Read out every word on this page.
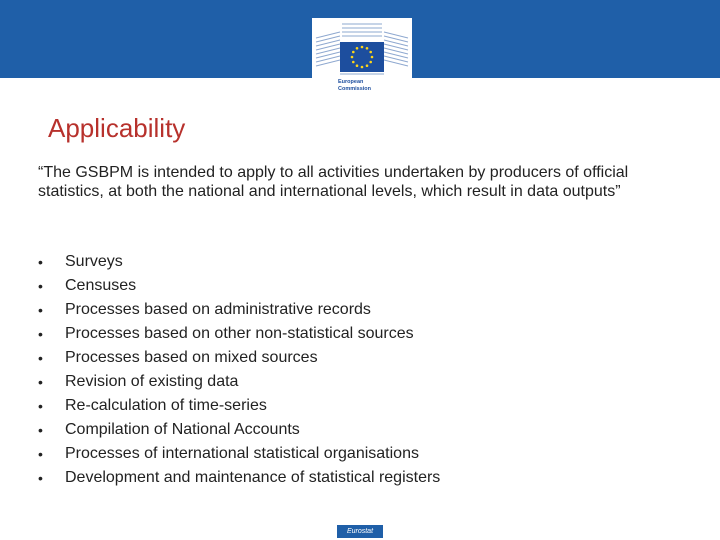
European
Commission
Applicability

“The GSBPM is intended to apply to all activities undertaken by producers of official statistics, at both the national and international levels, which result in data outputs”

• Surveys
• Censuses
• Processes based on administrative records
• Processes based on other non-statistical sources
• Processes based on mixed sources
• Revision of existing data
• Re-calculation of time-series
• Compilation of National Accounts
• Processes of international statistical organisations
• Development and maintenance of statistical registers
Eurostat
